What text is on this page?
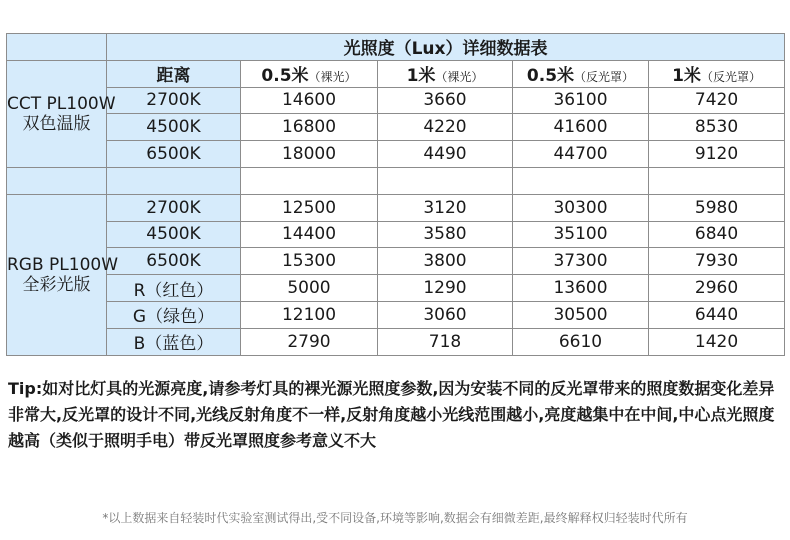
	光照度（Lux）详细数据表				
CCT PL100W
双色温版	距离	0.5米（裸光）	1米（裸光）	0.5米（反光罩）	1米（反光罩）
	2700K	14600	3660	36100	7420
	4500K	16800	4220	41600	8530
	6500K	18000	4490	44700	9120

RGB PL100W
全彩光版	2700K	12500	3120	30300	5980
	4500K	14400	3580	35100	6840
	6500K	15300	3800	37300	7930
	R（红色）	5000	1290	13600	2960
	G（绿色）	12100	3060	30500	6440
	B（蓝色）	2790	718	6610	1420
Tip:如对比灯具的光源亮度,请参考灯具的裸光源光照度参数,因为安装不同的反光罩带来的照度数据变化差异非常大,反光罩的设计不同,光线反射角度不一样,反射角度越小光线范围越小,亮度越集中在中间,中心点光照度越高（类似于照明手电）带反光罩照度参考意义不大
*以上数据来自轻装时代实验室测试得出,受不同设备,环境等影响,数据会有细微差距,最终解释权归轻装时代所有
